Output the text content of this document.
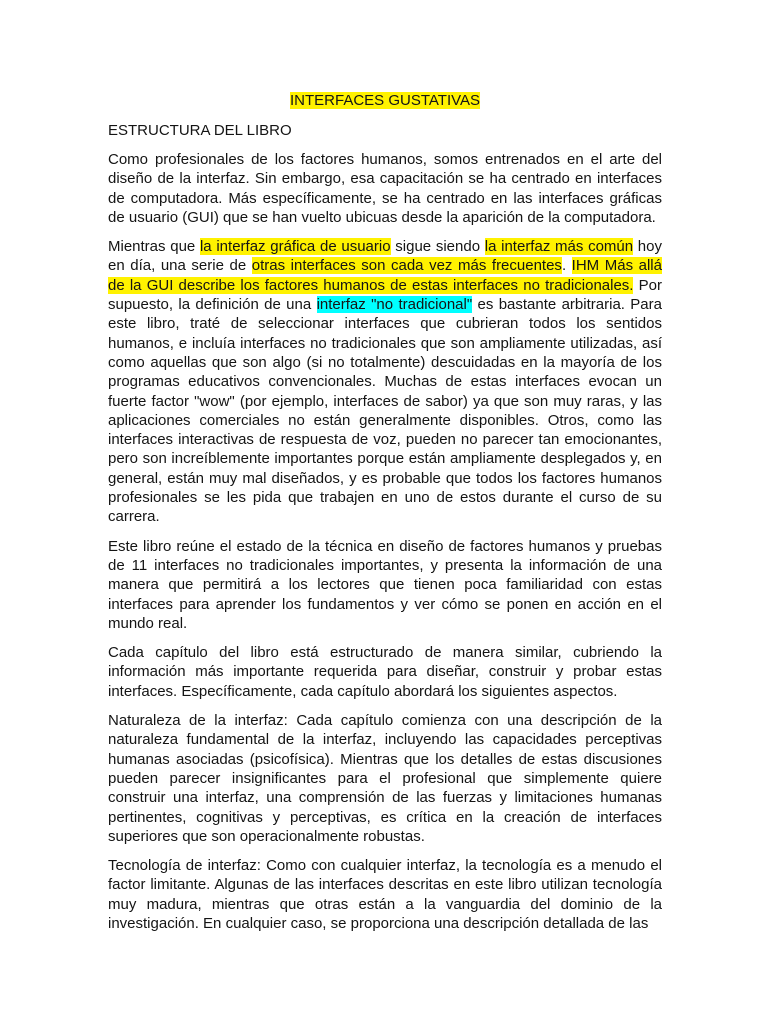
INTERFACES GUSTATIVAS
ESTRUCTURA DEL LIBRO

Como profesionales de los factores humanos, somos entrenados en el arte del diseño de la interfaz. Sin embargo, esa capacitación se ha centrado en interfaces de computadora. Más específicamente, se ha centrado en las interfaces gráficas de usuario (GUI) que se han vuelto ubicuas desde la aparición de la computadora.

Mientras que la interfaz gráfica de usuario sigue siendo la interfaz más común hoy en día, una serie de otras interfaces son cada vez más frecuentes. IHM Más allá de la GUI describe los factores humanos de estas interfaces no tradicionales. Por supuesto, la definición de una interfaz "no tradicional" es bastante arbitraria. Para este libro, traté de seleccionar interfaces que cubrieran todos los sentidos humanos, e incluía interfaces no tradicionales que son ampliamente utilizadas, así como aquellas que son algo (si no totalmente) descuidadas en la mayoría de los programas educativos convencionales. Muchas de estas interfaces evocan un fuerte factor "wow" (por ejemplo, interfaces de sabor) ya que son muy raras, y las aplicaciones comerciales no están generalmente disponibles. Otros, como las interfaces interactivas de respuesta de voz, pueden no parecer tan emocionantes, pero son increíblemente importantes porque están ampliamente desplegados y, en general, están muy mal diseñados, y es probable que todos los factores humanos profesionales se les pida que trabajen en uno de estos durante el curso de su carrera.

Este libro reúne el estado de la técnica en diseño de factores humanos y pruebas de 11 interfaces no tradicionales importantes, y presenta la información de una manera que permitirá a los lectores que tienen poca familiaridad con estas interfaces para aprender los fundamentos y ver cómo se ponen en acción en el mundo real.

Cada capítulo del libro está estructurado de manera similar, cubriendo la información más importante requerida para diseñar, construir y probar estas interfaces. Específicamente, cada capítulo abordará los siguientes aspectos.

Naturaleza de la interfaz: Cada capítulo comienza con una descripción de la naturaleza fundamental de la interfaz, incluyendo las capacidades perceptivas humanas asociadas (psicofísica). Mientras que los detalles de estas discusiones pueden parecer insignificantes para el profesional que simplemente quiere construir una interfaz, una comprensión de las fuerzas y limitaciones humanas pertinentes, cognitivas y perceptivas, es crítica en la creación de interfaces superiores que son operacionalmente robustas.

Tecnología de interfaz: Como con cualquier interfaz, la tecnología es a menudo el factor limitante. Algunas de las interfaces descritas en este libro utilizan tecnología muy madura, mientras que otras están a la vanguardia del dominio de la investigación. En cualquier caso, se proporciona una descripción detallada de las
